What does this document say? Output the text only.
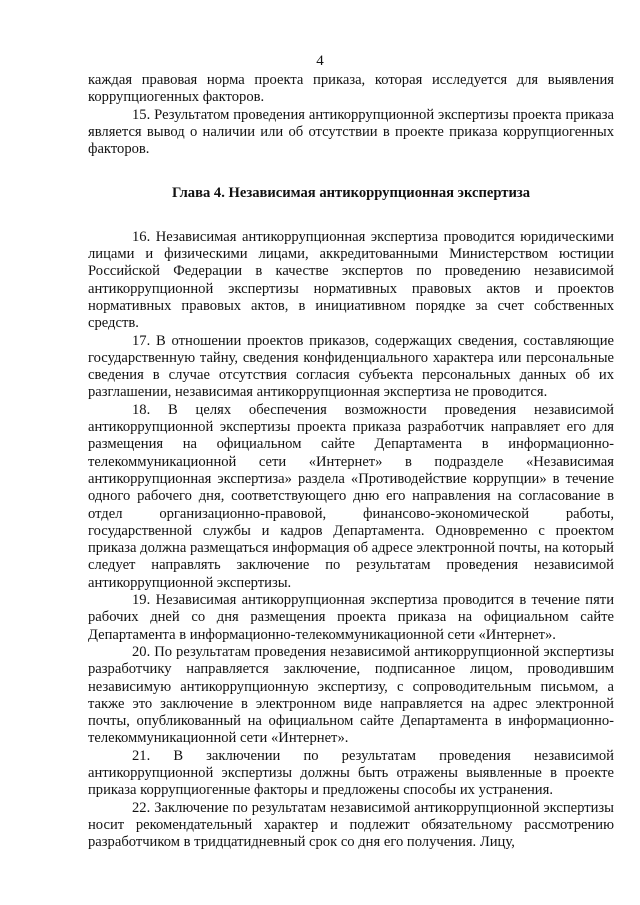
4

каждая правовая норма проекта приказа, которая исследуется для выявления коррупциогенных факторов.

15. Результатом проведения антикоррупционной экспертизы проекта приказа является вывод о наличии или об отсутствии в проекте приказа коррупциогенных факторов.

Глава 4. Независимая антикоррупционная экспертиза

16. Независимая антикоррупционная экспертиза проводится юридическими лицами и физическими лицами, аккредитованными Министерством юстиции Российской Федерации в качестве экспертов по проведению независимой антикоррупционной экспертизы нормативных правовых актов и проектов нормативных правовых актов, в инициативном порядке за счет собственных средств.

17. В отношении проектов приказов, содержащих сведения, составляющие государственную тайну, сведения конфиденциального характера или персональные сведения в случае отсутствия согласия субъекта персональных данных об их разглашении, независимая антикоррупционная экспертиза не проводится.

18. В целях обеспечения возможности проведения независимой антикоррупционной экспертизы проекта приказа разработчик направляет его для размещения на официальном сайте Департамента в информационно-телекоммуникационной сети «Интернет» в подразделе «Независимая антикоррупционная экспертиза» раздела «Противодействие коррупции» в течение одного рабочего дня, соответствующего дню его направления на согласование в отдел организационно-правовой, финансово-экономической работы, государственной службы и кадров Департамента. Одновременно с проектом приказа должна размещаться информация об адресе электронной почты, на который следует направлять заключение по результатам проведения независимой антикоррупционной экспертизы.

19. Независимая антикоррупционная экспертиза проводится в течение пяти рабочих дней со дня размещения проекта приказа на официальном сайте Департамента в информационно-телекоммуникационной сети «Интернет».

20. По результатам проведения независимой антикоррупционной экспертизы разработчику направляется заключение, подписанное лицом, проводившим независимую антикоррупционную экспертизу, с сопроводительным письмом, а также это заключение в электронном виде направляется на адрес электронной почты, опубликованный на официальном сайте Департамента в информационно-телекоммуникационной сети «Интернет».

21. В заключении по результатам проведения независимой антикоррупционной экспертизы должны быть отражены выявленные в проекте приказа коррупциогенные факторы и предложены способы их устранения.

22. Заключение по результатам независимой антикоррупционной экспертизы носит рекомендательный характер и подлежит обязательному рассмотрению разработчиком в тридцатидневный срок со дня его получения. Лицу,
